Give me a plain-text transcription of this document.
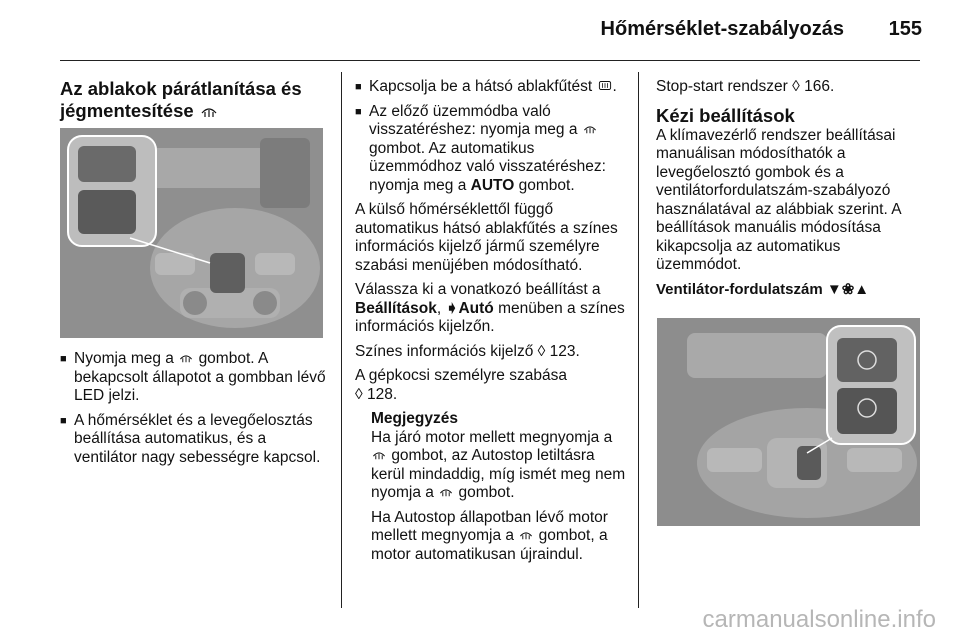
Hőmérséklet-szabályozás 155
Az ablakok párátlanítása és
jégmentesítése
■ Nyomja meg a gombot. A bekapcsolt állapotot a gombban lévő LED jelzi.
■ A hőmérséklet és a levegőelosztás beállítása automatikus, és a ventilátor nagy sebességre kapcsol.
■ Kapcsolja be a hátsó ablakfűtést .
■ Az előző üzemmódba való visszatéréshez: nyomja meg a  gombot. Az automatikus üzemmódhoz való visszatéréshez: nyomja meg a AUTO gombot.

A külső hőmérséklettől függő automatikus hátsó ablakfűtés a színes információs kijelző jármű személyre szabási menüjében módosítható.

Válassza ki a vonatkozó beállítást a Beállítások, ➧Autó menüben a színes információs kijelzőn.

Színes információs kijelző ◊ 123.

A gépkocsi személyre szabása
◊ 128.

Megjegyzés

Ha járó motor mellett megnyomja a  gombot, az Autostop letiltásra kerül mindaddig, míg ismét meg nem nyomja a gombot.

Ha Autostop állapotban lévő motor mellett megnyomja a gombot, a motor automatikusan újraindul.

Stop-start rendszer ◊ 166.

Kézi beállítások

A klímavezérlő rendszer beállításai manuálisan módosíthatók a levegőelosztó gombok és a ventilátorfordulatszám-szabályozó használatával az alábbiak szerint. A beállítások manuális módosítása kikapcsolja az automatikus üzemmódot.

Ventilátor-fordulatszám ▼❀▲

carmanualsonline.info
